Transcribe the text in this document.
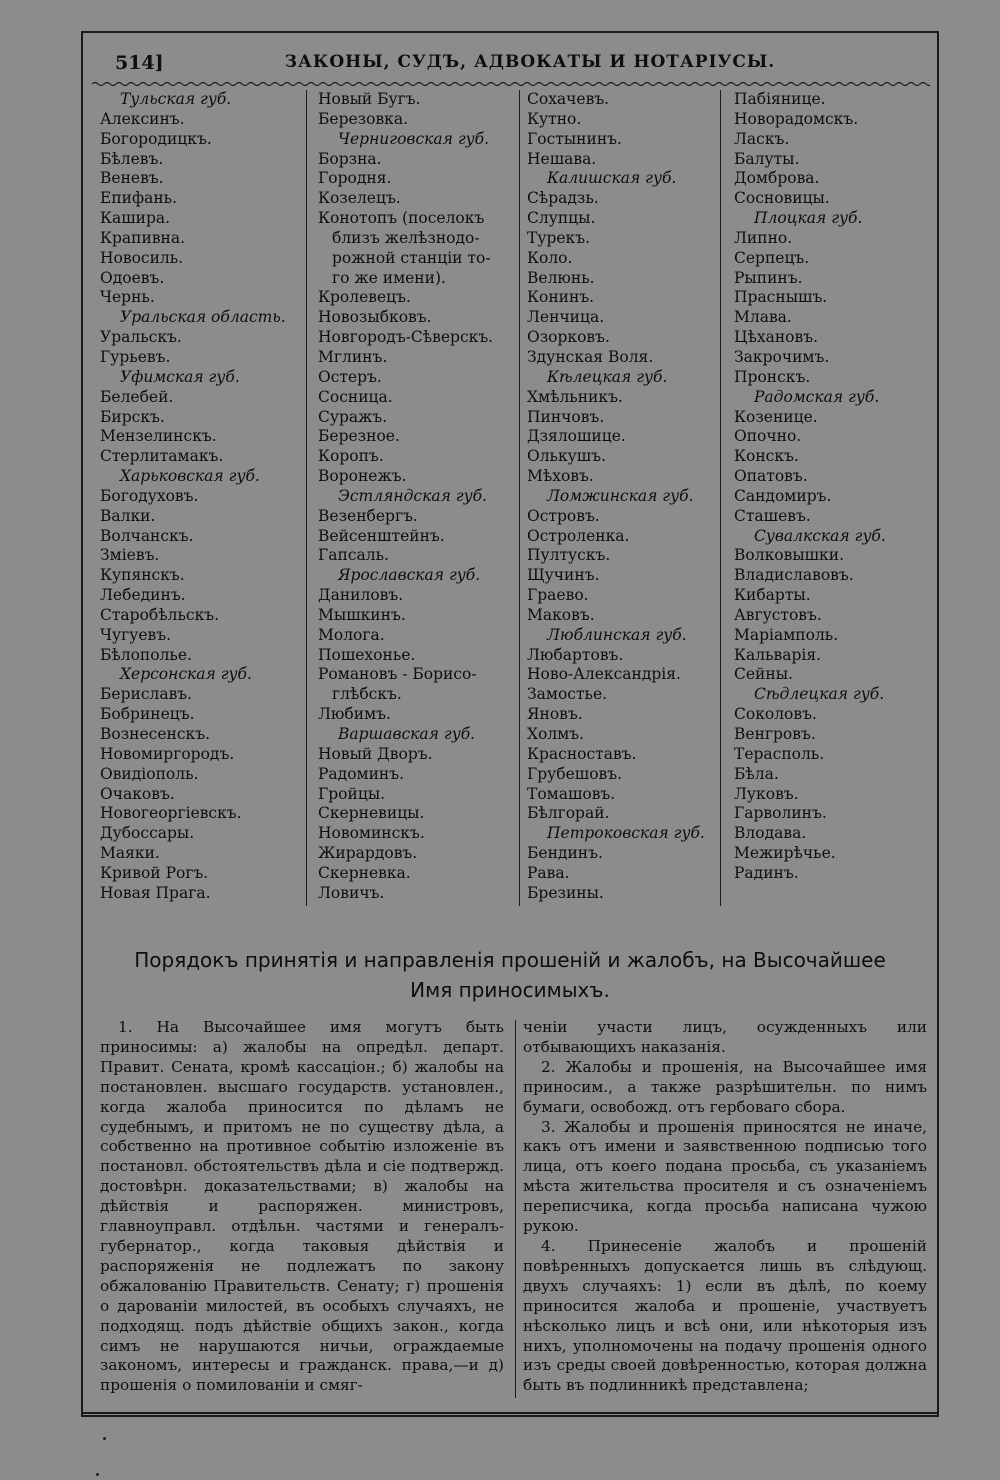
514]	ЗАКОНЫ, СУДЪ, АДВОКАТЫ И НОТАРІУСЫ.
Тульская губ.
Алексинъ.
Богородицкъ.
Бѣлевъ.
Веневъ.
Епифань.
Каширa.
Крапивна.
Новосиль.
Одоевъ.
Чернь.
Уральская область.
Уральскъ.
Гурьевъ.
Уфимская губ.
Белебей.
Бирскъ.
Мензелинскъ.
Стерлитамакъ.
Харьковская губ.
Богодуховъ.
Валки.
Волчанскъ.
Змiевъ.
Купянскъ.
Лебединъ.
Старобѣльскъ.
Чугуевъ.
Бѣлополье.
Херсонская губ.
Бериславъ.
Бобринецъ.
Вознесенскъ.
Новомиргородъ.
Овидiополь.
Очаковъ.
Новогеоргiевскъ.
Дубоссары.
Маяки.
Кривой Рогъ.
Новая Прага.
Новый Бугъ.
Березовка.
Черниговская губ.
Борзна.
Городня.
Козелецъ.
Конотопъ (поселокъ
близъ желѣзнодо-
рожной станцiи то-
го же имени).
Кролевецъ.
Новозыбковъ.
Новгородъ-Сѣверскъ.
Мглинъ.
Остеръ.
Сосница.
Суражъ.
Березное.
Коропъ.
Воронежъ.
Эстляндская губ.
Везенбергъ.
Вейсенштейнъ.
Гапсаль.
Ярославская губ.
Даниловъ.
Мышкинъ.
Молога.
Пошехонье.
Романовъ - Борисо-
глѣбскъ.
Любимъ.
Варшавская губ.
Новый Дворъ.
Радоминъ.
Гройцы.
Скерневицы.
Новоминскъ.
Жирардовъ.
Скерневка.
Ловичъ.
Сохачевъ.
Кутно.
Гостынинъ.
Нешава.
Калишская губ.
Сѣрадзь.
Слупцы.
Турекъ.
Коло.
Велюнь.
Конинъ.
Ленчица.
Озорковъ.
Здунская Воля.
Кѣлецкая губ.
Хмѣльникъ.
Пинчовъ.
Дзялошице.
Олькушъ.
Мѣховъ.
Ломжинская губ.
Островъ.
Остроленка.
Пултускъ.
Щучинъ.
Граево.
Маковъ.
Люблинская губ.
Любартовъ.
Ново-Александрiя.
Замостье.
Яновъ.
Холмъ.
Красноставъ.
Грубешовъ.
Томашовъ.
Бѣлгорай.
Петроковская губ.
Бендинъ.
Рава.
Брезины.
Пабiяницe.
Новорадомскъ.
Ласкъ.
Балуты.
Домброва.
Сосновицы.
Плоцкая губ.
Липно.
Серпецъ.
Рыпинъ.
Праснышъ.
Млава.
Цѣхановъ.
Закрочимъ.
Пронскъ.
Радомская губ.
Козеницe.
Опочно.
Конскъ.
Опатовъ.
Сандомиръ.
Сташевъ.
Сувалкская губ.
Волковышки.
Владиславовъ.
Кибарты.
Августовъ.
Марiамполь.
Кальварiя.
Сейны.
Сѣдлецкая губ.
Соколовъ.
Венгровъ.
Тераспoль.
Бѣла.
Луковъ.
Гарволинъ.
Влодава.
Межирѣчье.
Радинъ.
Порядокъ принятiя и направленiя прошенiй и жалобъ, на Высочайшее
Имя приносимыхъ.

1. На Высочайшее имя могутъ быть приносимы: а) жалобы на опредѣл. департ. Правит. Сената, кромѣ кассацiон.; б) жалобы на постановлен. высшаго государств. установлен., когда жалоба приносится по дѣламъ не судебнымъ, и притомъ не по существу дѣла, а собственно на противное событiю изложенiе въ постановл. обстоятельствъ дѣла и сiе подтвержд. достовѣрн. доказательствами; в) жалобы на дѣйствiя и распоряжен. министровъ, главноуправл. отдѣльн. частями и генералъ-губернатор., когда таковыя дѣйствiя и распоряженiя не подлежатъ по закону обжалованiю Правительств. Сенату; г) прошенiя о дарованiи милостей, въ особыхъ случаяхъ, не подходящ. подъ дѣйствiе общихъ закон., когда симъ не нарушаются ничьи, ограждаемые закономъ, интересы и гражданск. права,—и д) прошенiя о помилованiи и смяг-

ченiи участи лицъ, осужденныхъ или отбывающихъ наказанiя.

2. Жалобы и прошенiя, на Высочайшее имя приносим., а также разрѣшительн. по нимъ бумаги, освобожд. отъ гербоваго сбора.

3. Жалобы и прошенiя приносятся не иначе, какъ отъ имени и заявственною подписью того лица, отъ коего подана просьба, съ указанiемъ мѣста жительства просителя и съ означенiемъ переписчика, когда просьба написана чужою рукою.

4. Принесенiе жалобъ и прошенiй повѣренныхъ допускается лишь въ слѣдующ. двухъ случаяхъ: 1) если въ дѣлѣ, по коему приносится жалоба и прошенiе, участвуетъ нѣсколько лицъ и всѣ они, или нѣкоторыя изъ нихъ, уполномочены на подачу прошенiя одного изъ среды своей довѣренностью, которая должна быть въ подлинникѣ представлена;
